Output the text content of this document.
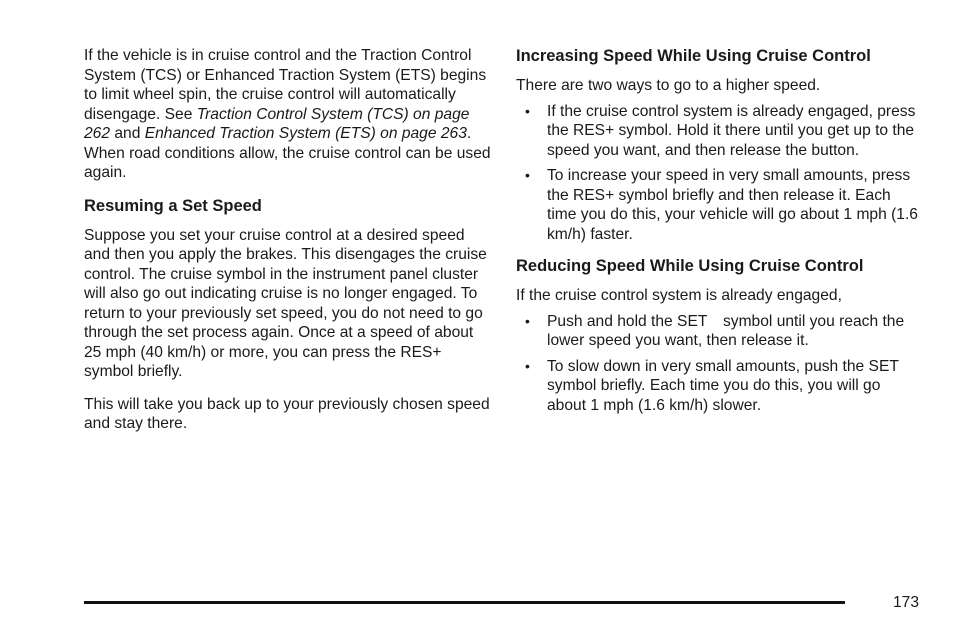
If the vehicle is in cruise control and the Traction Control System (TCS) or Enhanced Traction System (ETS) begins to limit wheel spin, the cruise control will automatically disengage. See Traction Control System (TCS) on page 262 and Enhanced Traction System (ETS) on page 263. When road conditions allow, the cruise control can be used again.

Resuming a Set Speed

Suppose you set your cruise control at a desired speed and then you apply the brakes. This disengages the cruise control. The cruise symbol in the instrument panel cluster will also go out indicating cruise is no longer engaged. To return to your previously set speed, you do not need to go through the set process again. Once at a speed of about 25 mph (40 km/h) or more, you can press the RES+ symbol briefly.

This will take you back up to your previously chosen speed and stay there.

Increasing Speed While Using Cruise Control

There are two ways to go to a higher speed.

• If the cruise control system is already engaged, press the RES+ symbol. Hold it there until you get up to the speed you want, and then release the button.
• To increase your speed in very small amounts, press the RES+ symbol briefly and then release it. Each time you do this, your vehicle will go about 1 mph (1.6 km/h) faster.
Reducing Speed While Using Cruise Control

If the cruise control system is already engaged,

• Push and hold the SET  symbol until you reach the lower speed you want, then release it.
• To slow down in very small amounts, push the SET  symbol briefly. Each time you do this, you will go about 1 mph (1.6 km/h) slower.
173
